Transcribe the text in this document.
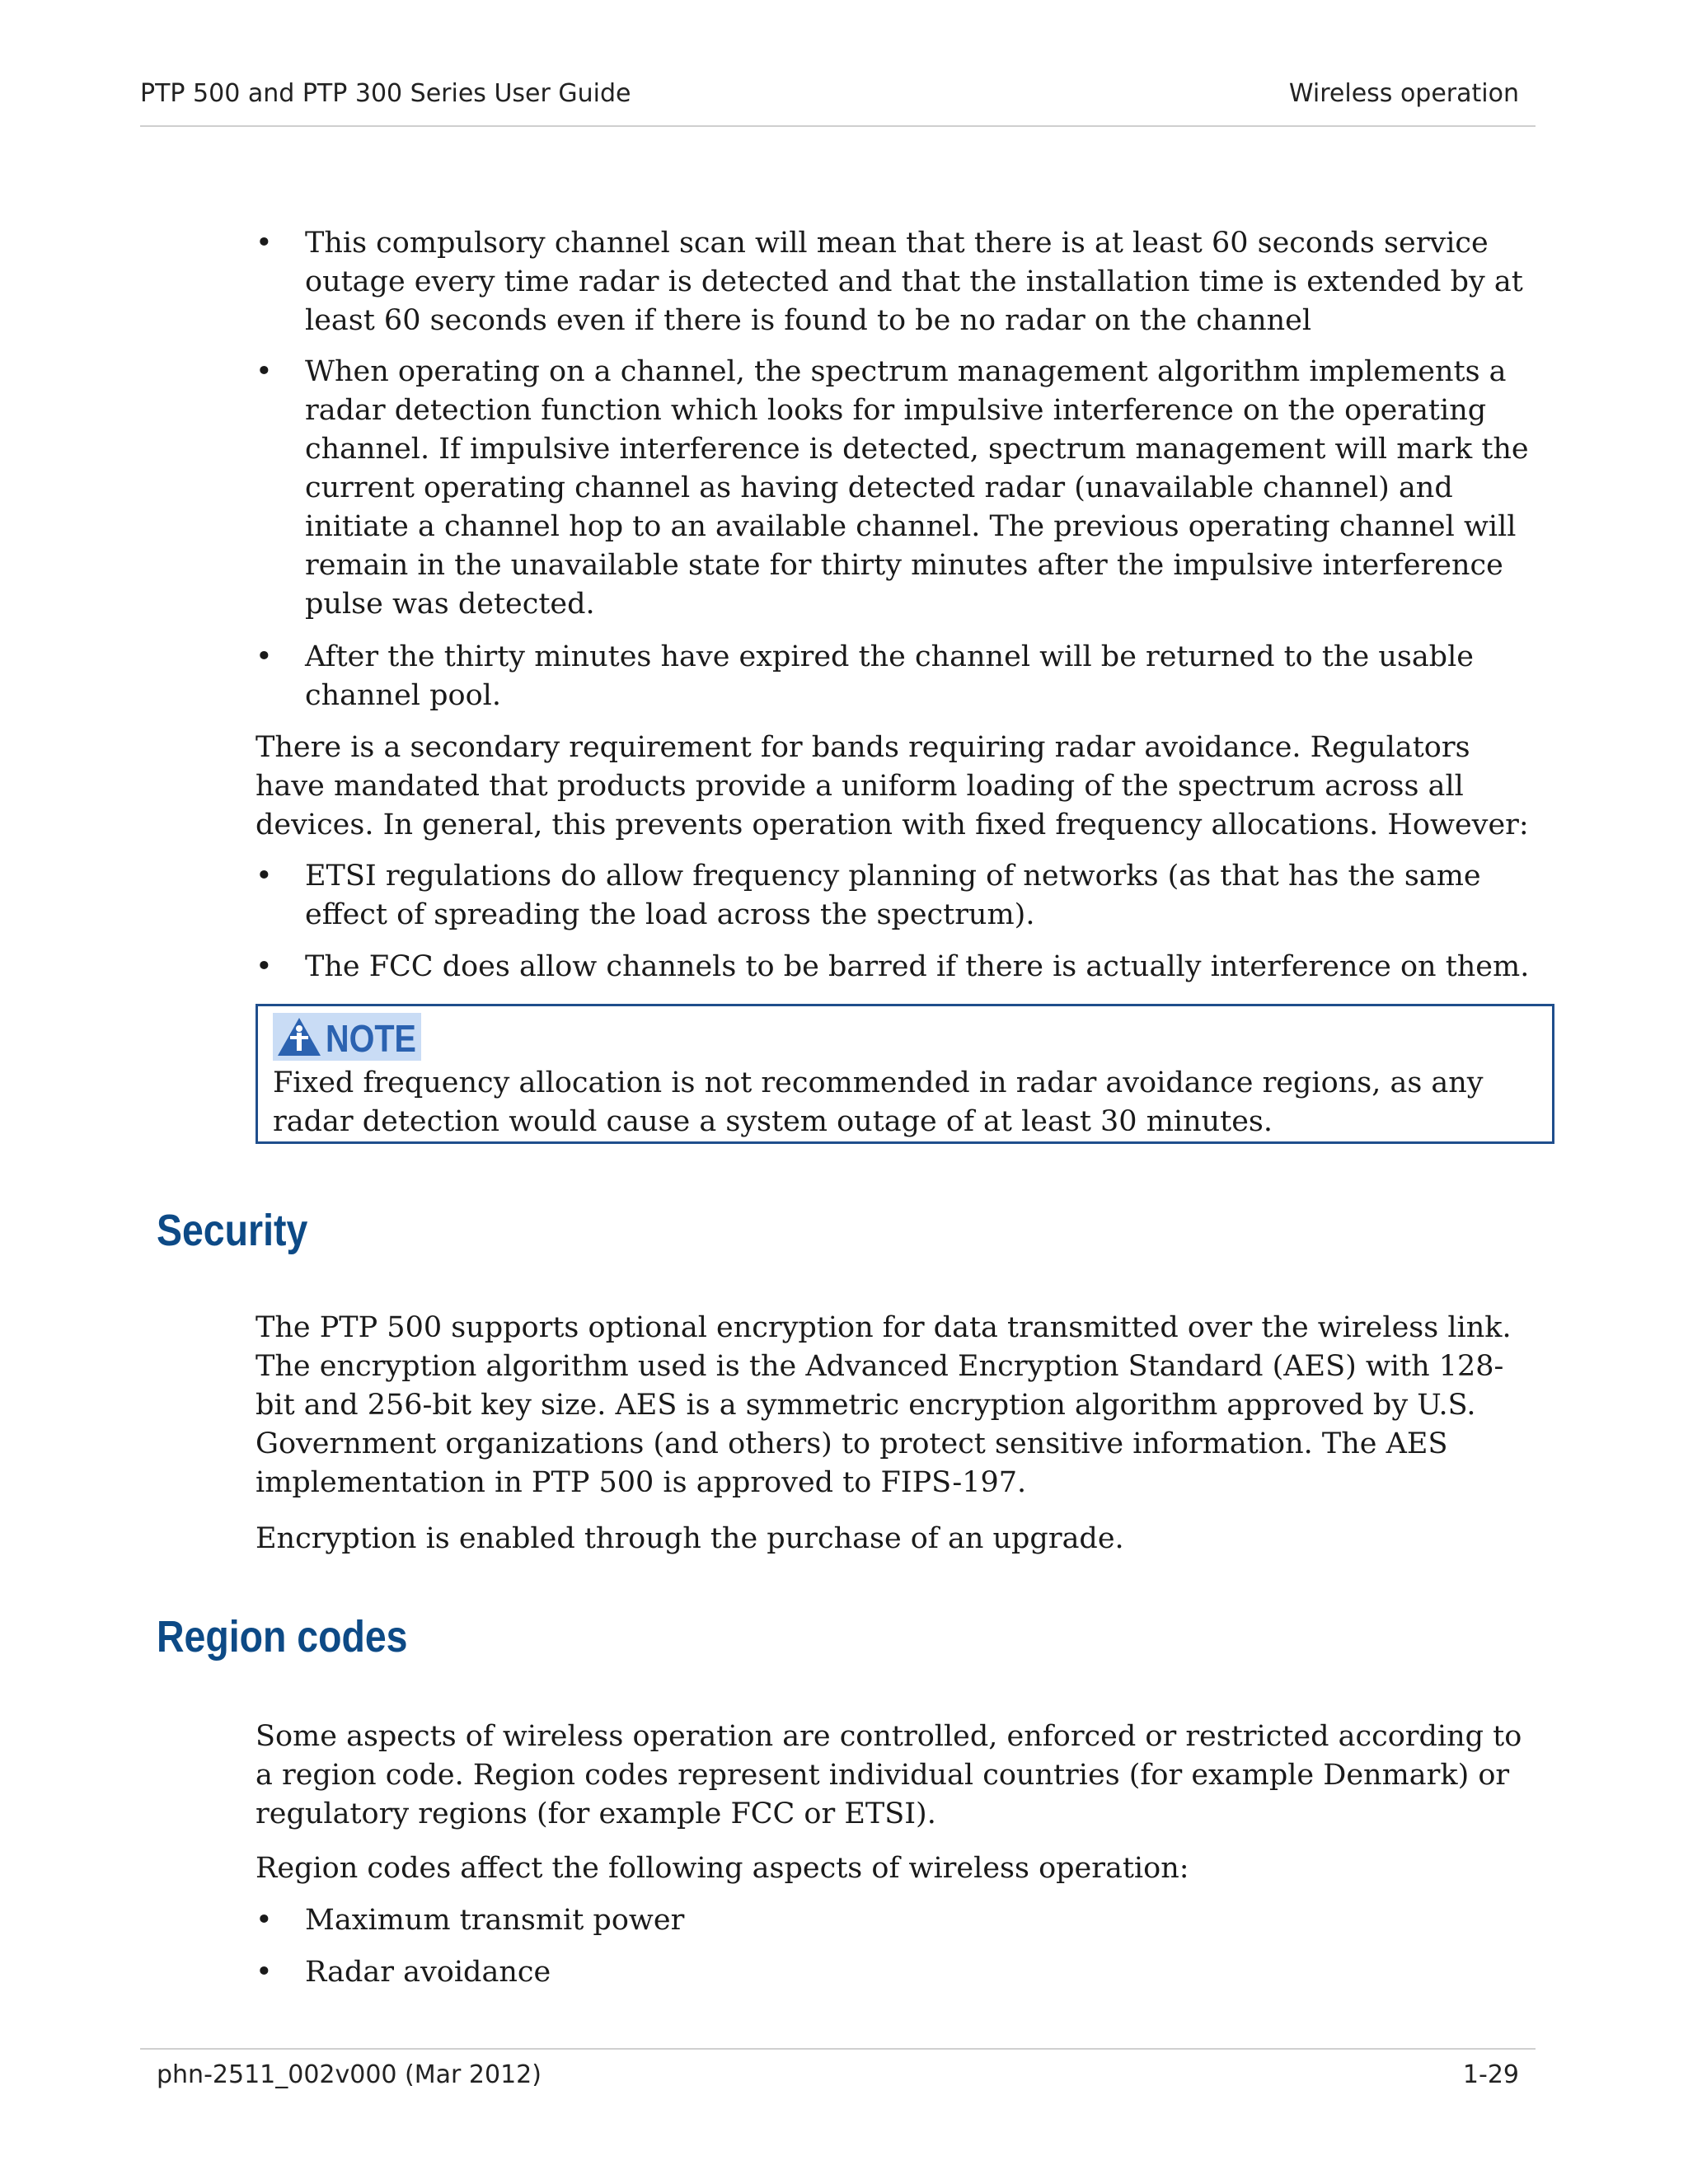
PTP 500 and PTP 300 Series User Guide	Wireless operation
• This compulsory channel scan will mean that there is at least 60 seconds service outage every time radar is detected and that the installation time is extended by at least 60 seconds even if there is found to be no radar on the channel
• When operating on a channel, the spectrum management algorithm implements a radar detection function which looks for impulsive interference on the operating channel. If impulsive interference is detected, spectrum management will mark the current operating channel as having detected radar (unavailable channel) and initiate a channel hop to an available channel. The previous operating channel will remain in the unavailable state for thirty minutes after the impulsive interference pulse was detected.
• After the thirty minutes have expired the channel will be returned to the usable channel pool.
There is a secondary requirement for bands requiring radar avoidance. Regulators have mandated that products provide a uniform loading of the spectrum across all devices. In general, this prevents operation with fixed frequency allocations. However:
• ETSI regulations do allow frequency planning of networks (as that has the same effect of spreading the load across the spectrum).
• The FCC does allow channels to be barred if there is actually interference on them.
NOTE
Fixed frequency allocation is not recommended in radar avoidance regions, as any radar detection would cause a system outage of at least 30 minutes.
Security
The PTP 500 supports optional encryption for data transmitted over the wireless link. The encryption algorithm used is the Advanced Encryption Standard (AES) with 128-bit and 256-bit key size. AES is a symmetric encryption algorithm approved by U.S. Government organizations (and others) to protect sensitive information. The AES implementation in PTP 500 is approved to FIPS-197.
Encryption is enabled through the purchase of an upgrade.
Region codes
Some aspects of wireless operation are controlled, enforced or restricted according to a region code. Region codes represent individual countries (for example Denmark) or regulatory regions (for example FCC or ETSI).
Region codes affect the following aspects of wireless operation:
• Maximum transmit power
• Radar avoidance
phn-2511_002v000 (Mar 2012)	1-29
